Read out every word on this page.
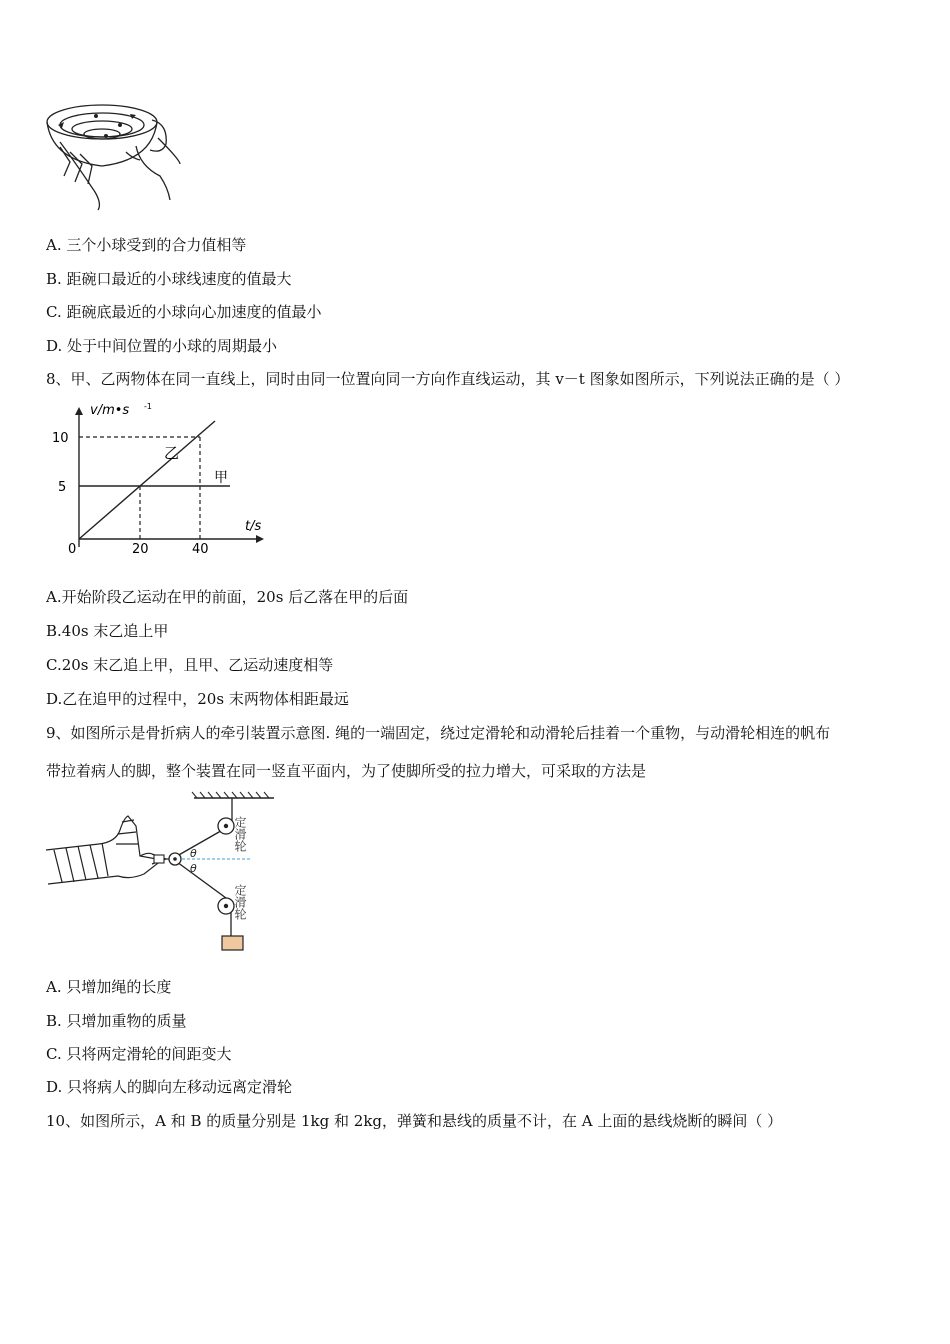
A. 三个小球受到的合力值相等
B. 距碗口最近的小球线速度的值最大
C. 距碗底最近的小球向心加速度的值最小
D. 处于中间位置的小球的周期最小
8、甲、乙两物体在同一直线上，同时由同一位置向同一方向作直线运动，其 v－t 图象如图所示，下列说法正确的是（ ）
v/m•s -1
t/s
0	20	40
5
10
乙
甲
A.开始阶段乙运动在甲的前面，20s 后乙落在甲的后面
B.40s 末乙追上甲
C.20s 末乙追上甲，且甲、乙运动速度相等
D.乙在追甲的过程中，20s 末两物体相距最远
9、如图所示是骨折病人的牵引装置示意图. 绳的一端固定，绕过定滑轮和动滑轮后挂着一个重物，与动滑轮相连的帆布
带拉着病人的脚，整个装置在同一竖直平面内，为了使脚所受的拉力增大，可采取的方法是
θ
θ
定滑轮
定滑轮
A. 只增加绳的长度
B. 只增加重物的质量
C. 只将两定滑轮的间距变大
D. 只将病人的脚向左移动远离定滑轮
10、如图所示，A 和 B 的质量分别是 1kg 和 2kg，弹簧和悬线的质量不计，在 A 上面的悬线烧断的瞬间（ ）
